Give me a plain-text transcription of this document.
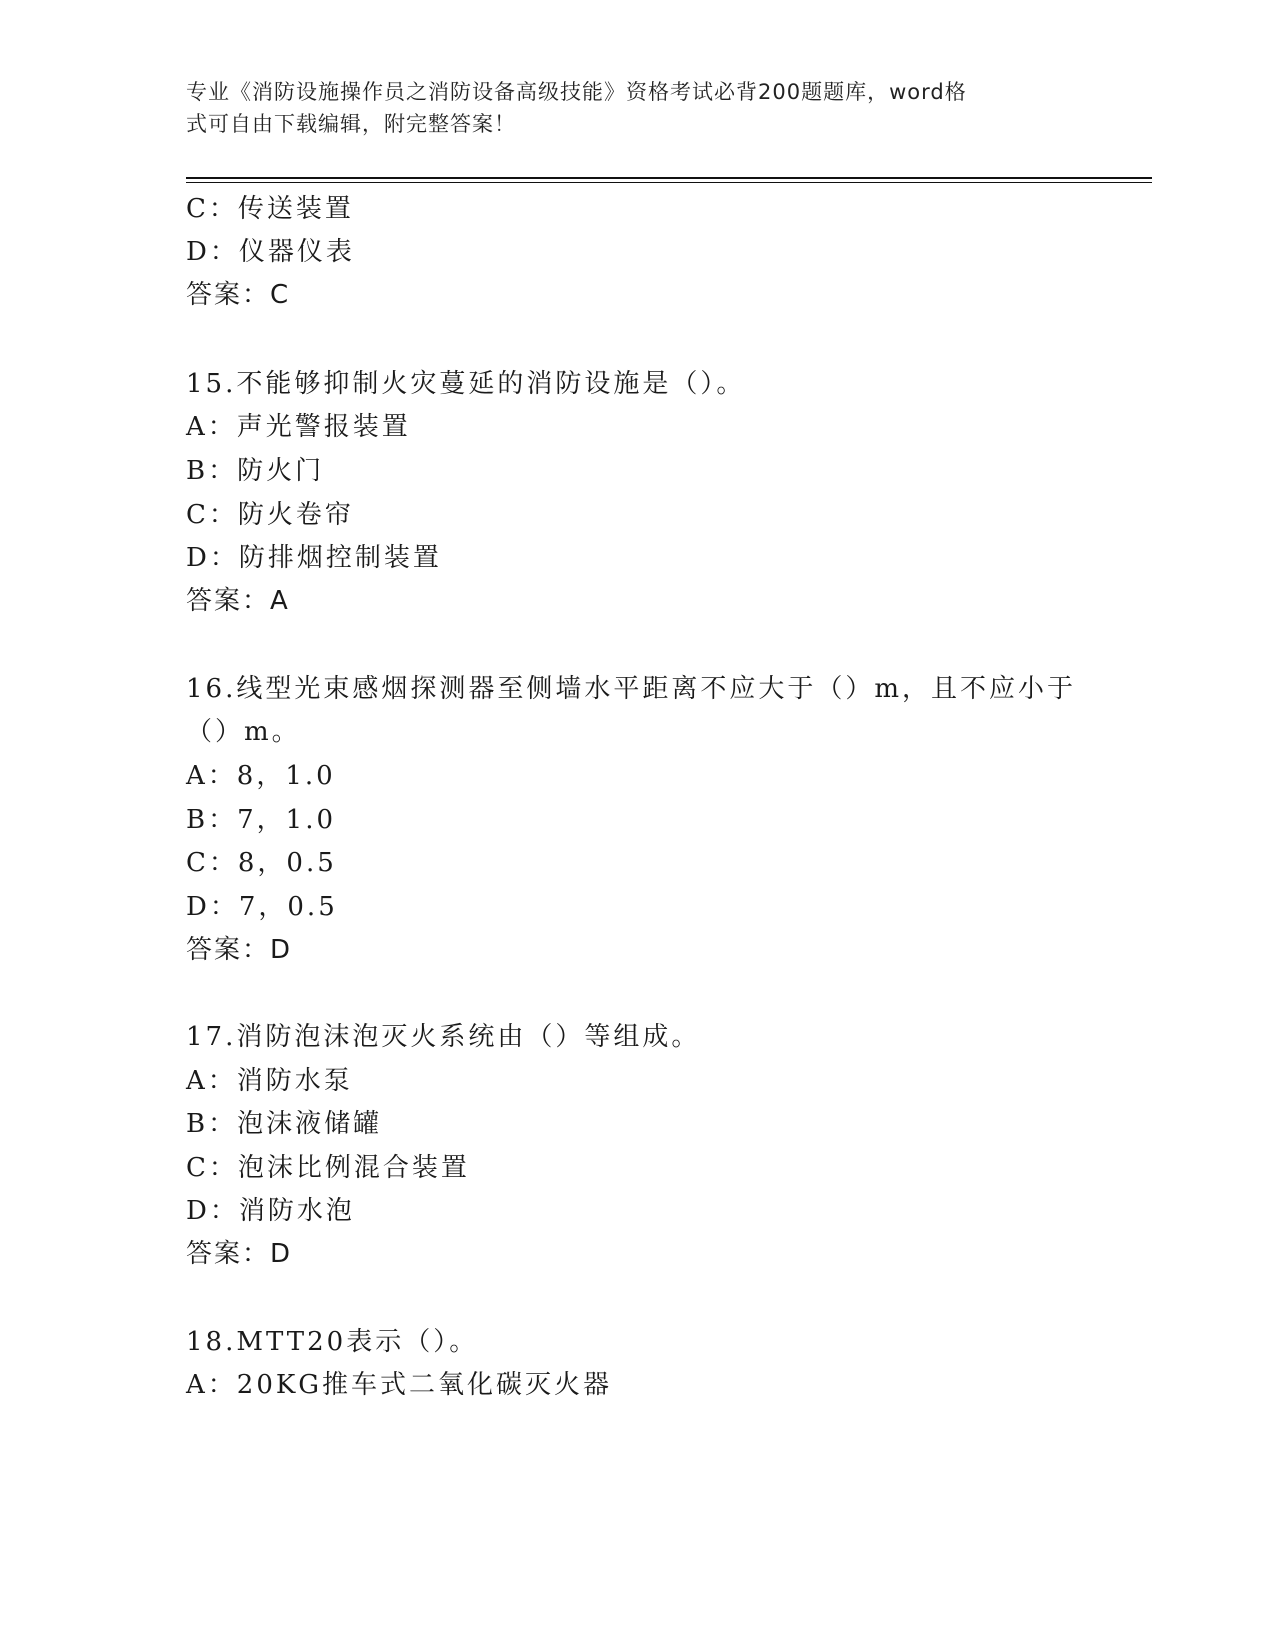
专业《消防设施操作员之消防设备高级技能》资格考试必背200题题库，word格
式可自由下载编辑，附完整答案！
C：传送装置
D：仪器仪表
答案：C
15.不能够抑制火灾蔓延的消防设施是（）。
A：声光警报装置
B：防火门
C：防火卷帘
D：防排烟控制装置
答案：A
16.线型光束感烟探测器至侧墙水平距离不应大于（）m，且不应小于
（）m。
A：8，1.0
B：7，1.0
C：8，0.5
D：7，0.5
答案：D
17.消防泡沫泡灭火系统由（）等组成。
A：消防水泵
B：泡沫液储罐
C：泡沫比例混合装置
D：消防水泡
答案：D
18.MTT20表示（）。
A：20KG推车式二氧化碳灭火器
